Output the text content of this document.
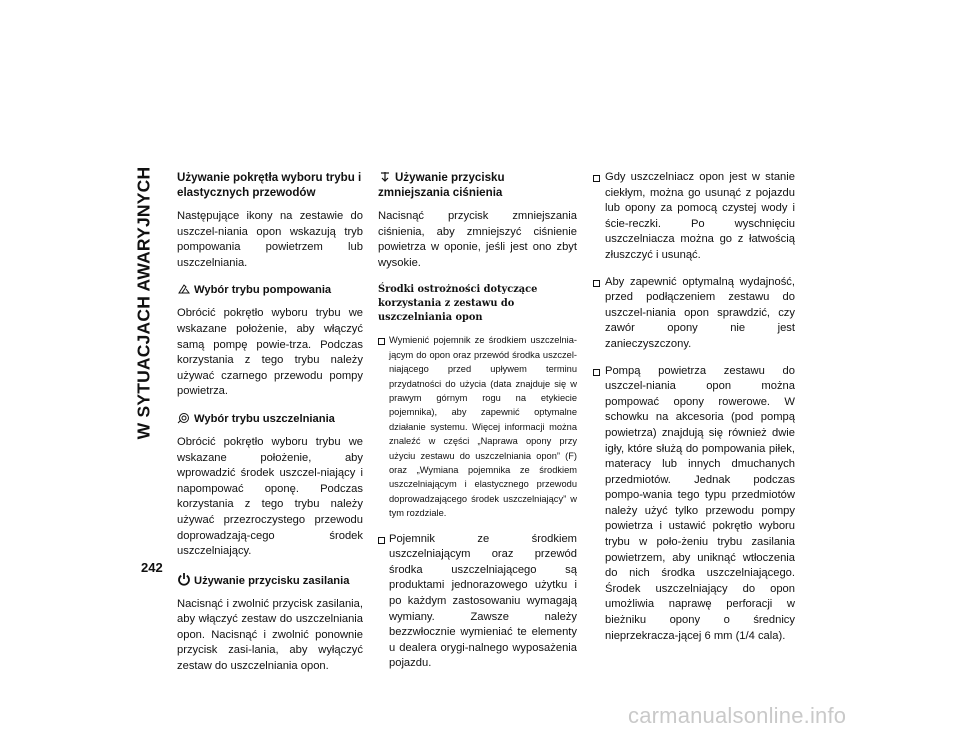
W SYTUACJACH AWARYJNYCH
242
Używanie pokrętła wyboru trybu i elastycznych przewodów

Następujące ikony na zestawie do uszczel-niania opon wskazują tryb pompowania powietrzem lub uszczelniania.

Wybór trybu pompowania

Obrócić pokrętło wyboru trybu we wskazane położenie, aby włączyć samą pompę powie-trza. Podczas korzystania z tego trybu należy używać czarnego przewodu pompy powietrza.

Wybór trybu uszczelniania

Obrócić pokrętło wyboru trybu we wskazane położenie, aby wprowadzić środek uszczel-niający i napompować oponę. Podczas korzystania z tego trybu należy używać przezroczystego przewodu doprowadzają-cego środek uszczelniający.

Używanie przycisku zasilania

Nacisnąć i zwolnić przycisk zasilania, aby włączyć zestaw do uszczelniania opon. Nacisnąć i zwolnić ponownie przycisk zasi-lania, aby wyłączyć zestaw do uszczelniania opon.

Używanie przycisku zmniejszania ciśnienia

Nacisnąć przycisk zmniejszania ciśnienia, aby zmniejszyć ciśnienie powietrza w oponie, jeśli jest ono zbyt wysokie.

Środki ostrożności dotyczące korzystania z zestawu do uszczelniania opon
Wymienić pojemnik ze środkiem uszczelnia-jącym do opon oraz przewód środka uszczel-niającego przed upływem terminu przydatności do użycia (data znajduje się w prawym górnym rogu na etykiecie pojemnika), aby zapewnić optymalne działanie systemu. Więcej informacji można znaleźć w części „Naprawa opony przy użyciu zestawu do uszczelniania opon” (F) oraz „Wymiana pojemnika ze środkiem uszczelniającym i elastycznego przewodu doprowadzającego środek uszczelniający” w tym rozdziale.
Pojemnik ze środkiem uszczelniającym oraz przewód środka uszczelniającego są produktami jednorazowego użytku i po każdym zastosowaniu wymagają wymiany. Zawsze należy bezzwłocznie wymieniać te elementy u dealera orygi-nalnego wyposażenia pojazdu.
Gdy uszczelniacz opon jest w stanie ciekłym, można go usunąć z pojazdu lub opony za pomocą czystej wody i ście-reczki. Po wyschnięciu uszczelniacza można go z łatwością złuszczyć i usunąć.
Aby zapewnić optymalną wydajność, przed podłączeniem zestawu do uszczel-niania opon sprawdzić, czy zawór opony nie jest zanieczyszczony.
Pompą powietrza zestawu do uszczel-niania opon można pompować opony rowerowe. W schowku na akcesoria (pod pompą powietrza) znajdują się również dwie igły, które służą do pompowania piłek, materacy lub innych dmuchanych przedmiotów. Jednak podczas pompo-wania tego typu przedmiotów należy użyć tylko przewodu pompy powietrza i ustawić pokrętło wyboru trybu w poło-żeniu trybu zasilania powietrzem, aby uniknąć wtłoczenia do nich środka uszczelniającego. Środek uszczelniający do opon umożliwia naprawę perforacji w bieżniku opony o średnicy nieprzekracza-jącej 6 mm (1/4 cala).
carmanualsonline.info
